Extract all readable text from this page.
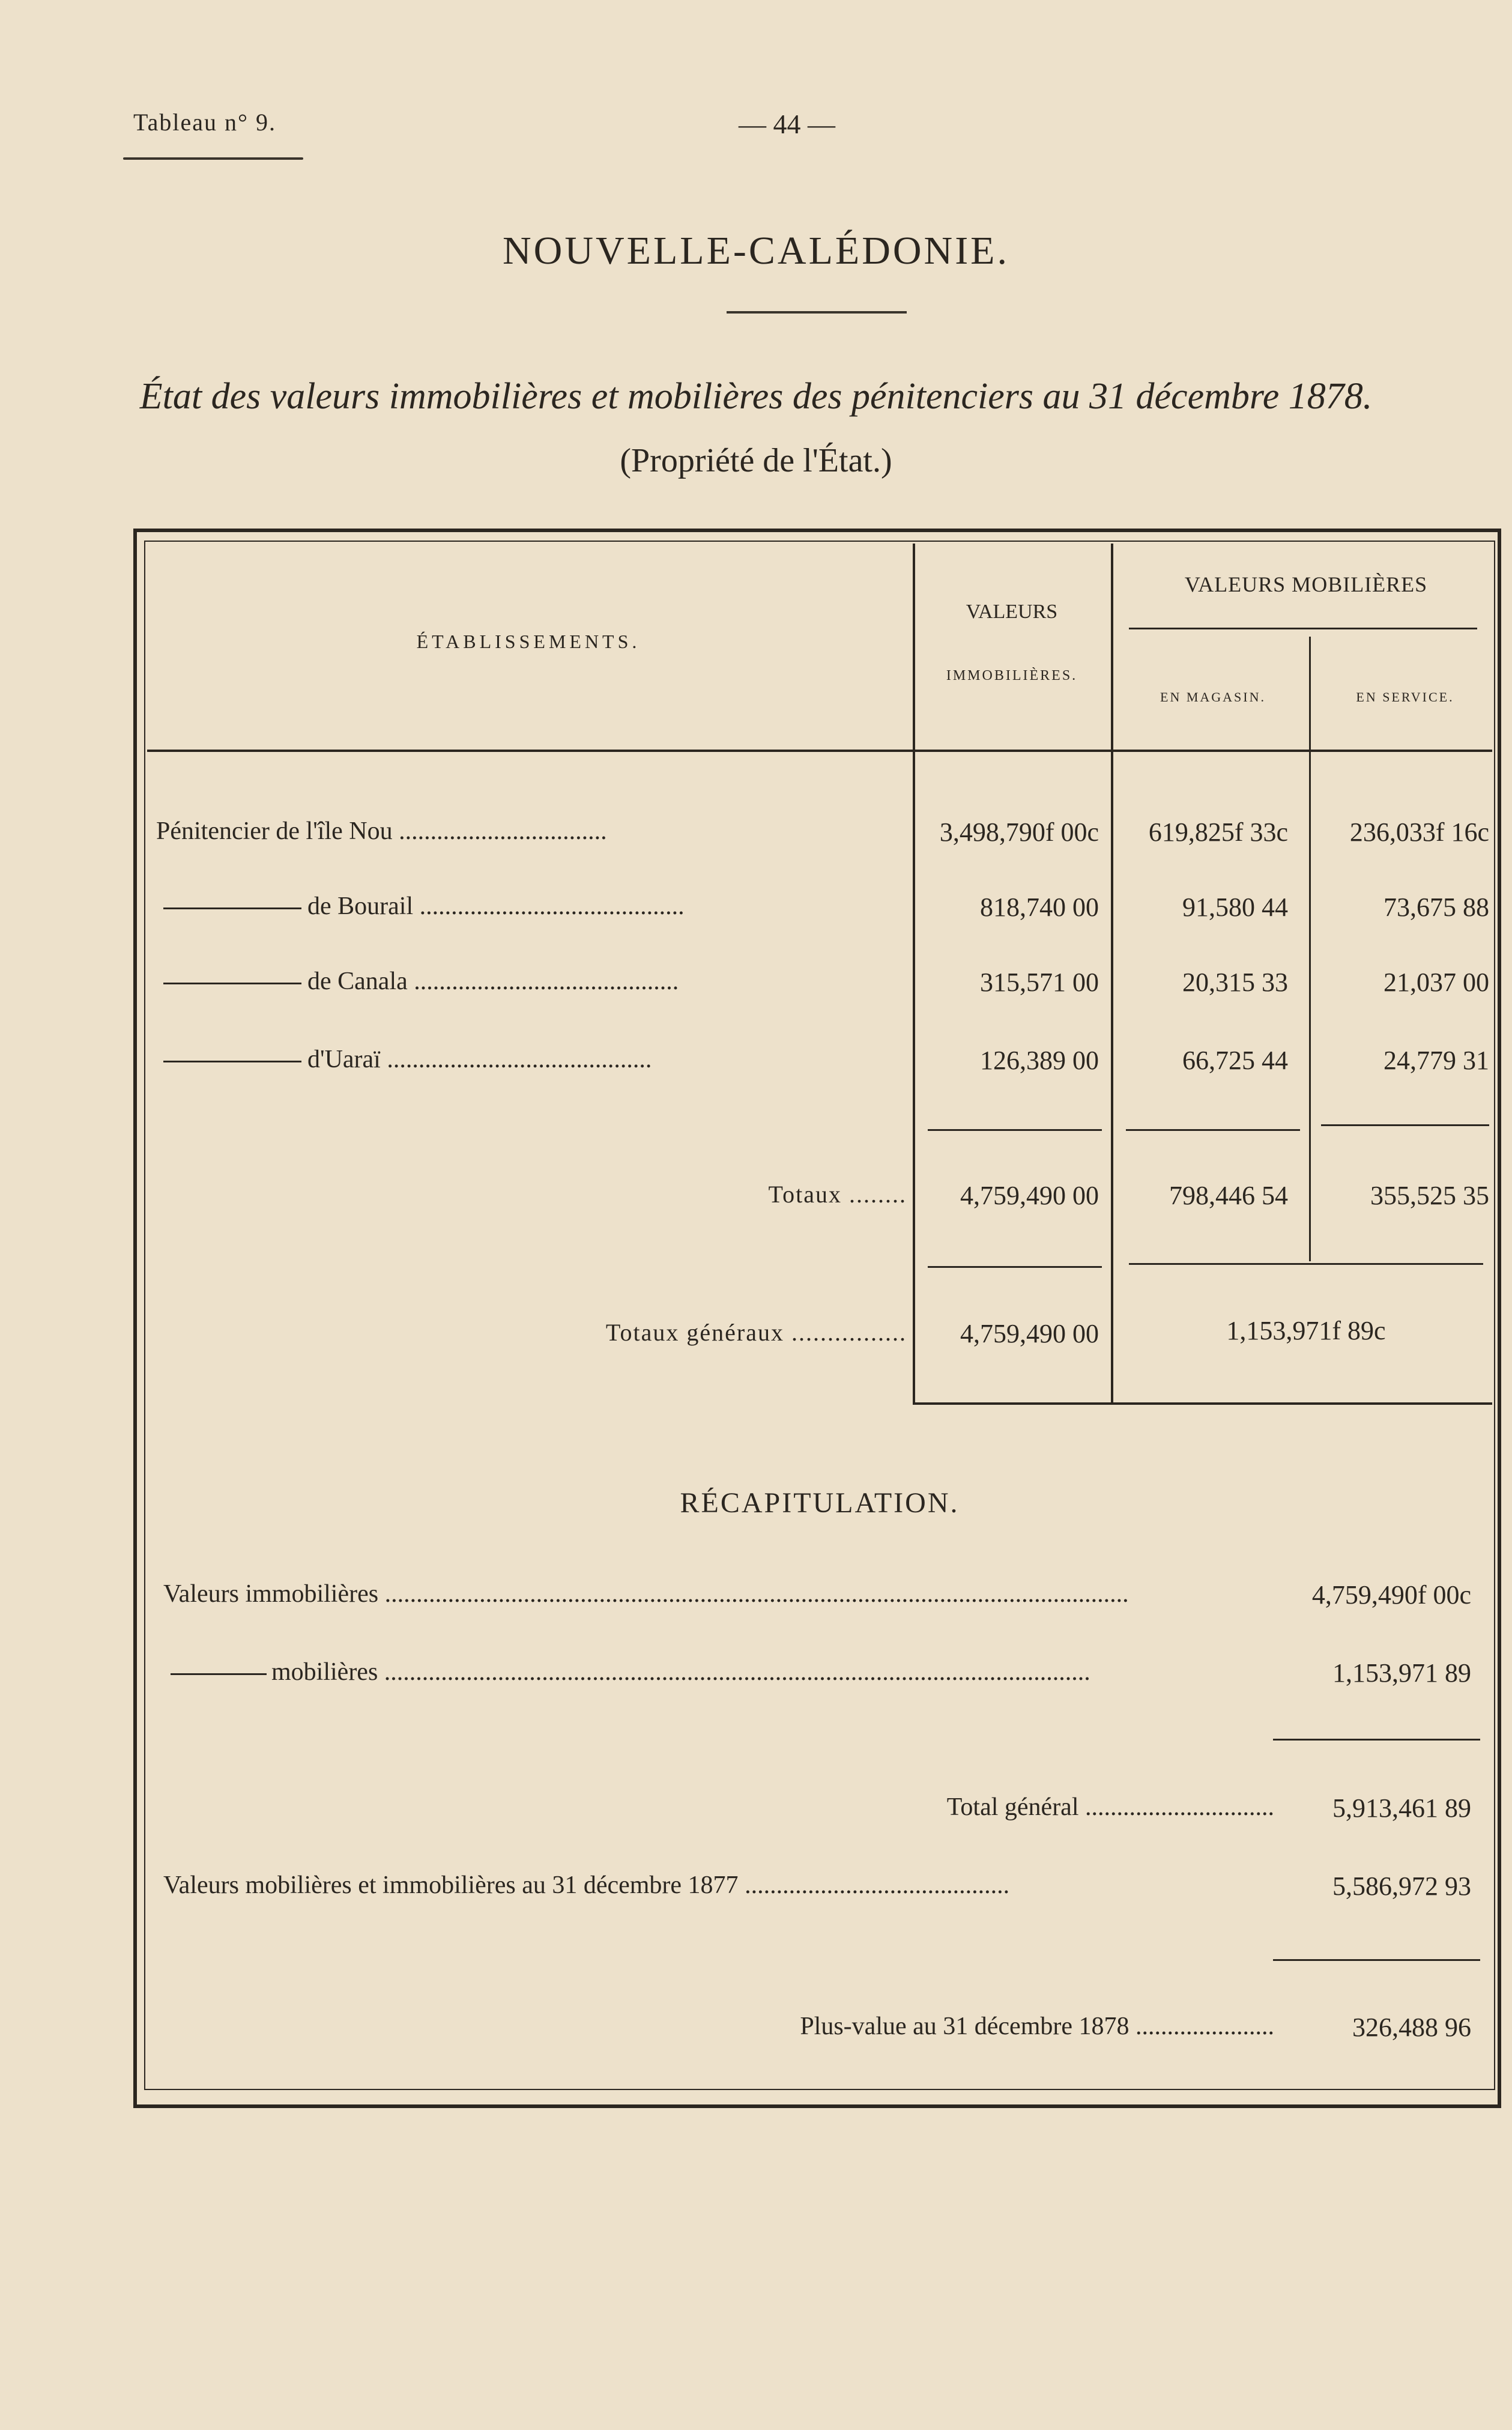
Tableau n° 9.	— 44 —
NOUVELLE-CALÉDONIE.
État des valeurs immobilières et mobilières des pénitenciers au 31 décembre 1878.
(Propriété de l'État.)
ÉTABLISSEMENTS.
VALEURS
IMMOBILIÈRES.
VALEURS MOBILIÈRES
EN MAGASIN.	EN SERVICE.
Pénitencier de l'île Nou .................................	3,498,790f 00c	619,825f 33c	236,033f 16c
de Bourail ..........................................	818,740 00	91,580 44	73,675 88
de Canala ..........................................	315,571 00	20,315 33	21,037 00
d'Uaraï ..........................................	126,389 00	66,725 44	24,779 31
Totaux ........	4,759,490 00	798,446 54	355,525 35
Totaux généraux ................	4,759,490 00	1,153,971f 89c
RÉCAPITULATION.
Valeurs immobilières ......................................................................................................................	4,759,490f 00c
mobilières ................................................................................................................	1,153,971 89
Total général ..............................	5,913,461 89
Valeurs mobilières et immobilières au 31 décembre 1877 ..........................................	5,586,972 93
Plus-value au 31 décembre 1878 ......................	326,488 96
